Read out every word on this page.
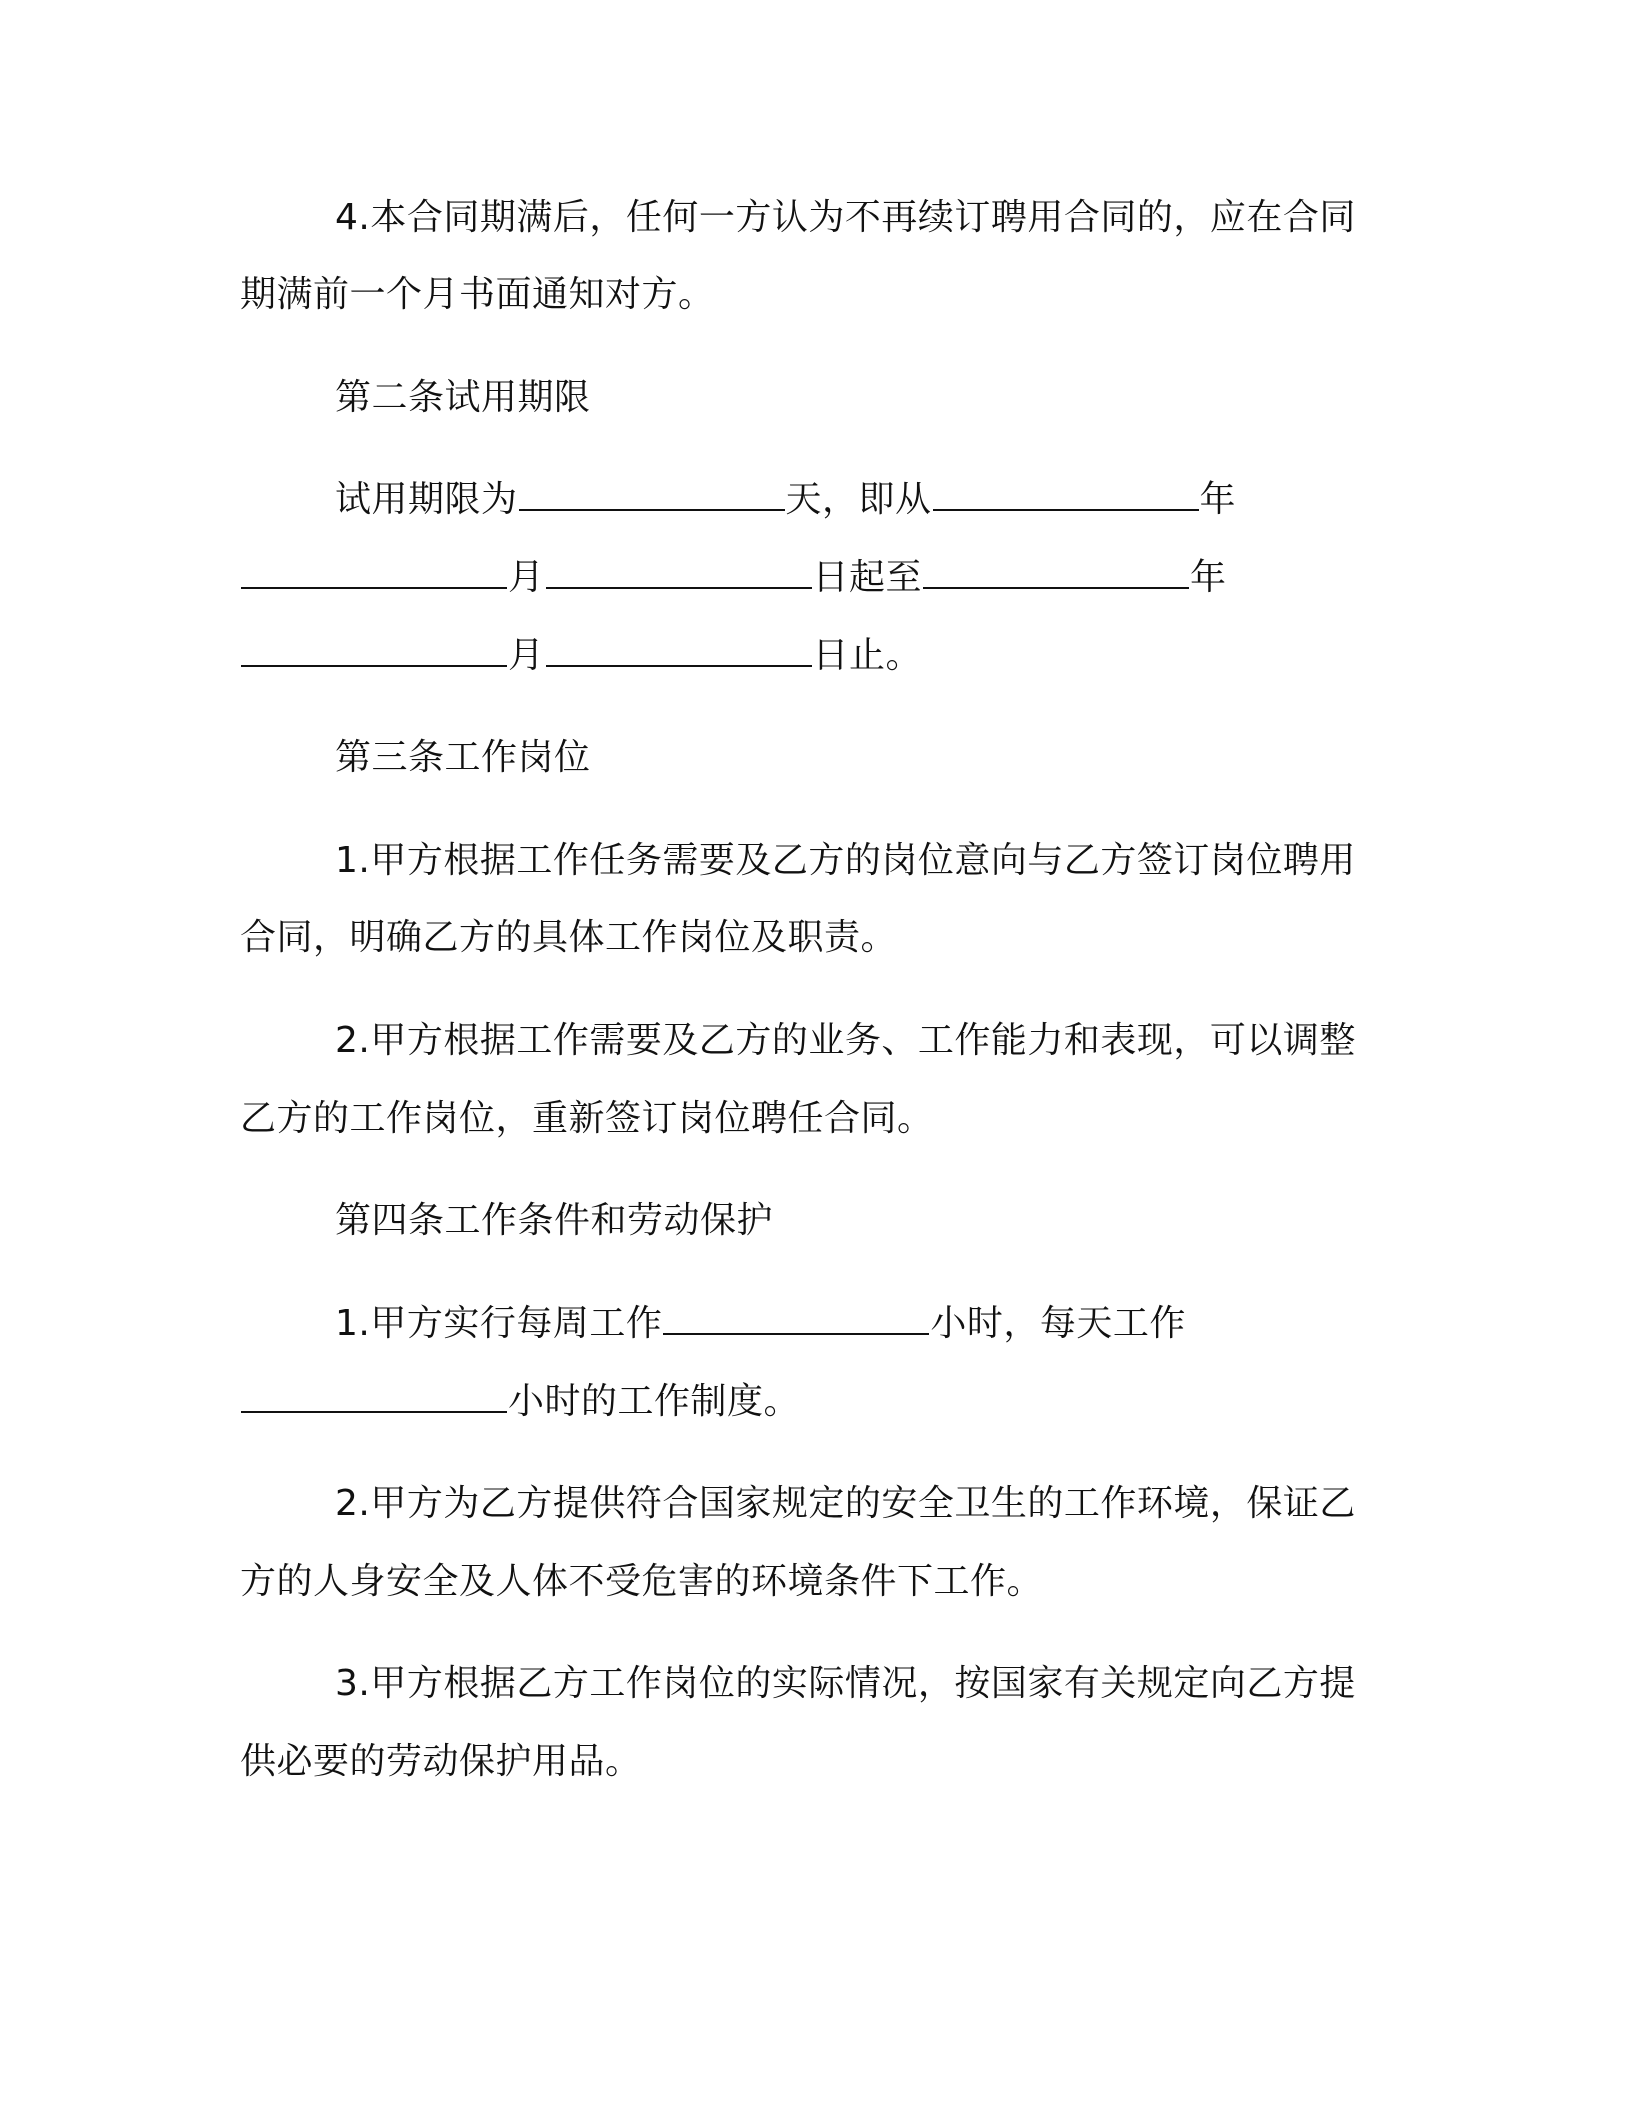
4.本合同期满后，任何一方认为不再续订聘用合同的，应在合同
期满前一个月书面通知对方。
第二条试用期限
试用期限为	天，即从	年
月	日起至	年
月	日止。
第三条工作岗位
1.甲方根据工作任务需要及乙方的岗位意向与乙方签订岗位聘用
合同，明确乙方的具体工作岗位及职责。
2.甲方根据工作需要及乙方的业务、工作能力和表现，可以调整
乙方的工作岗位，重新签订岗位聘任合同。
第四条工作条件和劳动保护
1.甲方实行每周工作	小时，每天工作
小时的工作制度。
2.甲方为乙方提供符合国家规定的安全卫生的工作环境，保证乙
方的人身安全及人体不受危害的环境条件下工作。
3.甲方根据乙方工作岗位的实际情况，按国家有关规定向乙方提
供必要的劳动保护用品。
